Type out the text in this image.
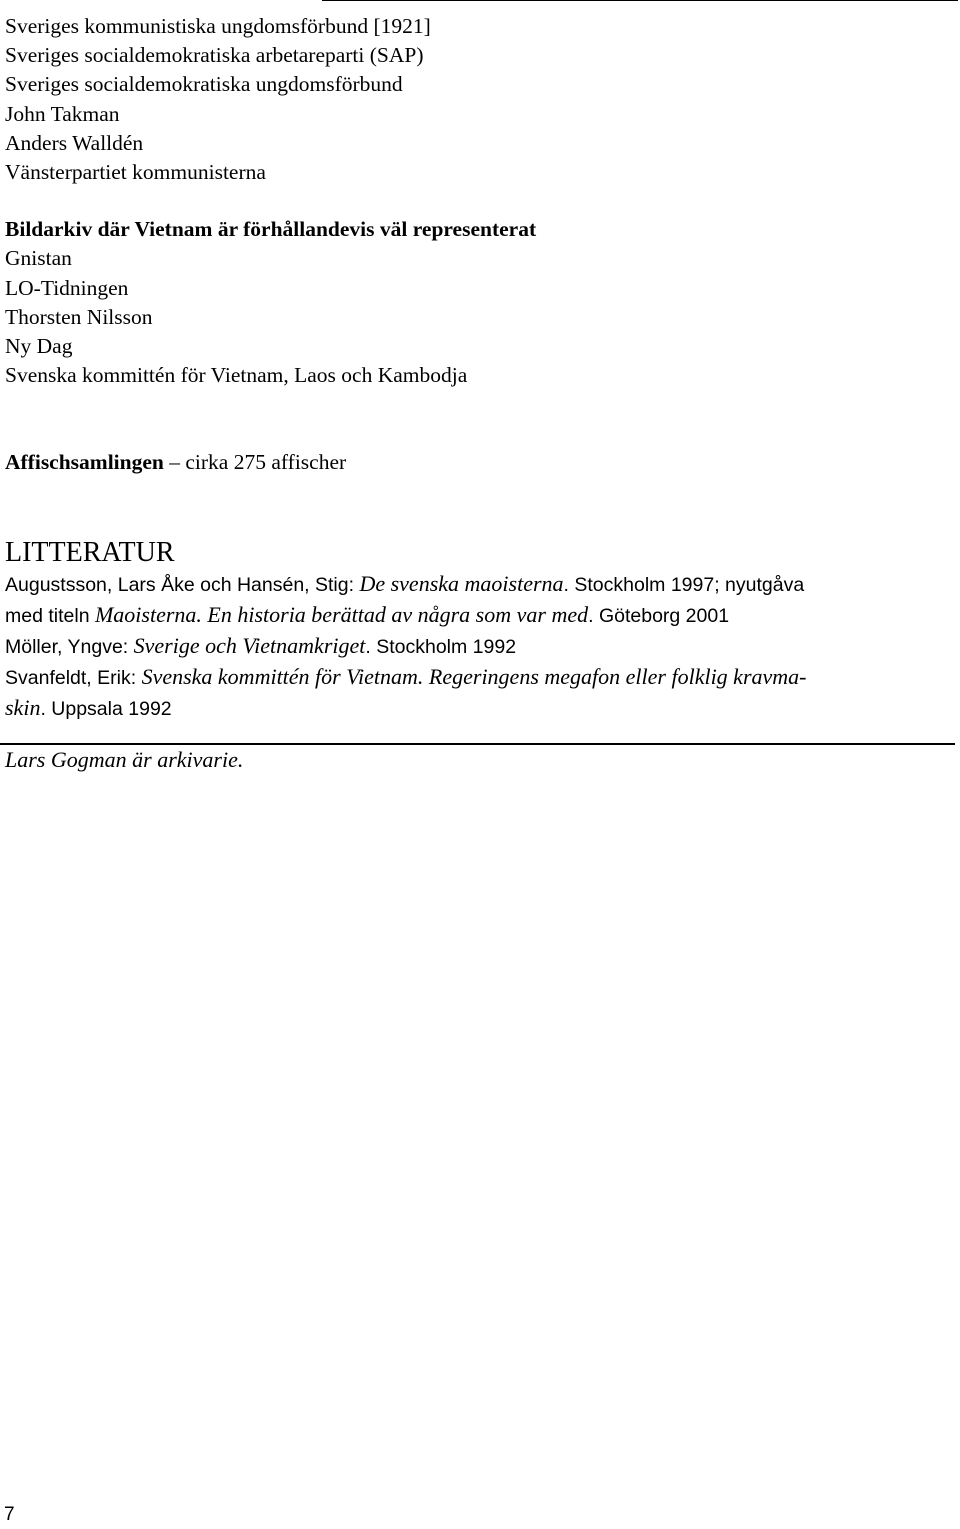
Sveriges kommunistiska ungdomsförbund [1921]
Sveriges socialdemokratiska arbetareparti (SAP)
Sveriges socialdemokratiska ungdomsförbund
John Takman
Anders Walldén
Vänsterpartiet kommunisterna
Bildarkiv där Vietnam är förhållandevis väl representerat
Gnistan
LO-Tidningen
Thorsten Nilsson
Ny Dag
Svenska kommittén för Vietnam, Laos och Kambodja
Affischsamlingen – cirka 275 affischer
LITTERATUR
Augustsson, Lars Åke och Hansén, Stig: De svenska maoisterna. Stockholm 1997; nyutgåva
med titeln Maoisterna. En historia berättad av några som var med. Göteborg 2001
Möller, Yngve: Sverige och Vietnamkriget. Stockholm 1992
Svanfeldt, Erik: Svenska kommittén för Vietnam. Regeringens megafon eller folklig kravma-
skin. Uppsala 1992
Lars Gogman är arkivarie.
7
